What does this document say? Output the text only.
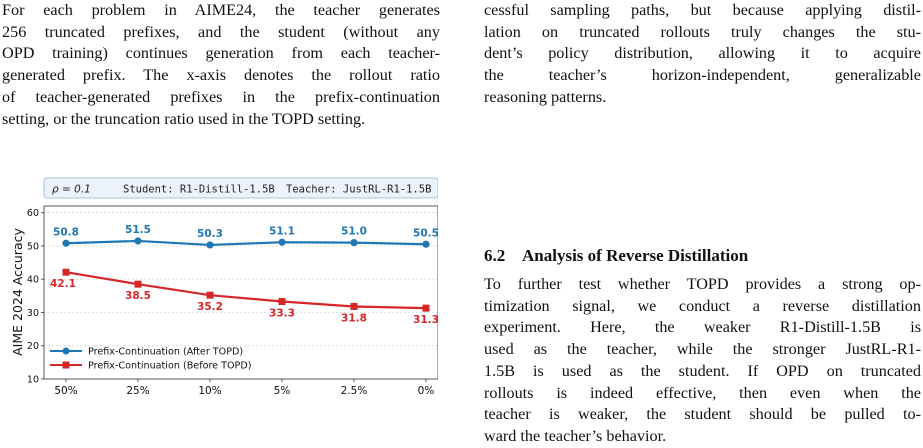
For each problem in AIME24, the teacher generates
256 truncated prefixes, and the student (without any
OPD training) continues generation from each teacher-
generated prefix. The x-axis denotes the rollout ratio
of teacher-generated prefixes in the prefix-continuation
setting, or the truncation ratio used in the TOPD setting.

cessful sampling paths, but because applying distil-
lation on truncated rollouts truly changes the stu-
dent’s policy distribution, allowing it to acquire
the teacher’s horizon-independent, generalizable
reasoning patterns.

6.2 Analysis of Reverse Distillation

To further test whether TOPD provides a strong op-
timization signal, we conduct a reverse distillation
experiment. Here, the weaker R1-Distill-1.5B is
used as the teacher, while the stronger JustRL-R1-
1.5B is used as the student. If OPD on truncated
rollouts is indeed effective, then even when the
teacher is weaker, the student should be pulled to-
ward the teacher’s behavior.

10
20
30
40
50
60
50%	25%	10%	5%	2.5%	0%
50.8	51.5	50.3	51.1	51.0	50.5
42.1
38.5
35.2
33.3	31.8	31.3
ρ = 0.1	Student: R1-Distill-1.5B Teacher: JustRL-R1-1.5B
AIME 2024 Accuracy	Prefix-Continuation (After TOPD)
Prefix-Continuation (Before TOPD)
